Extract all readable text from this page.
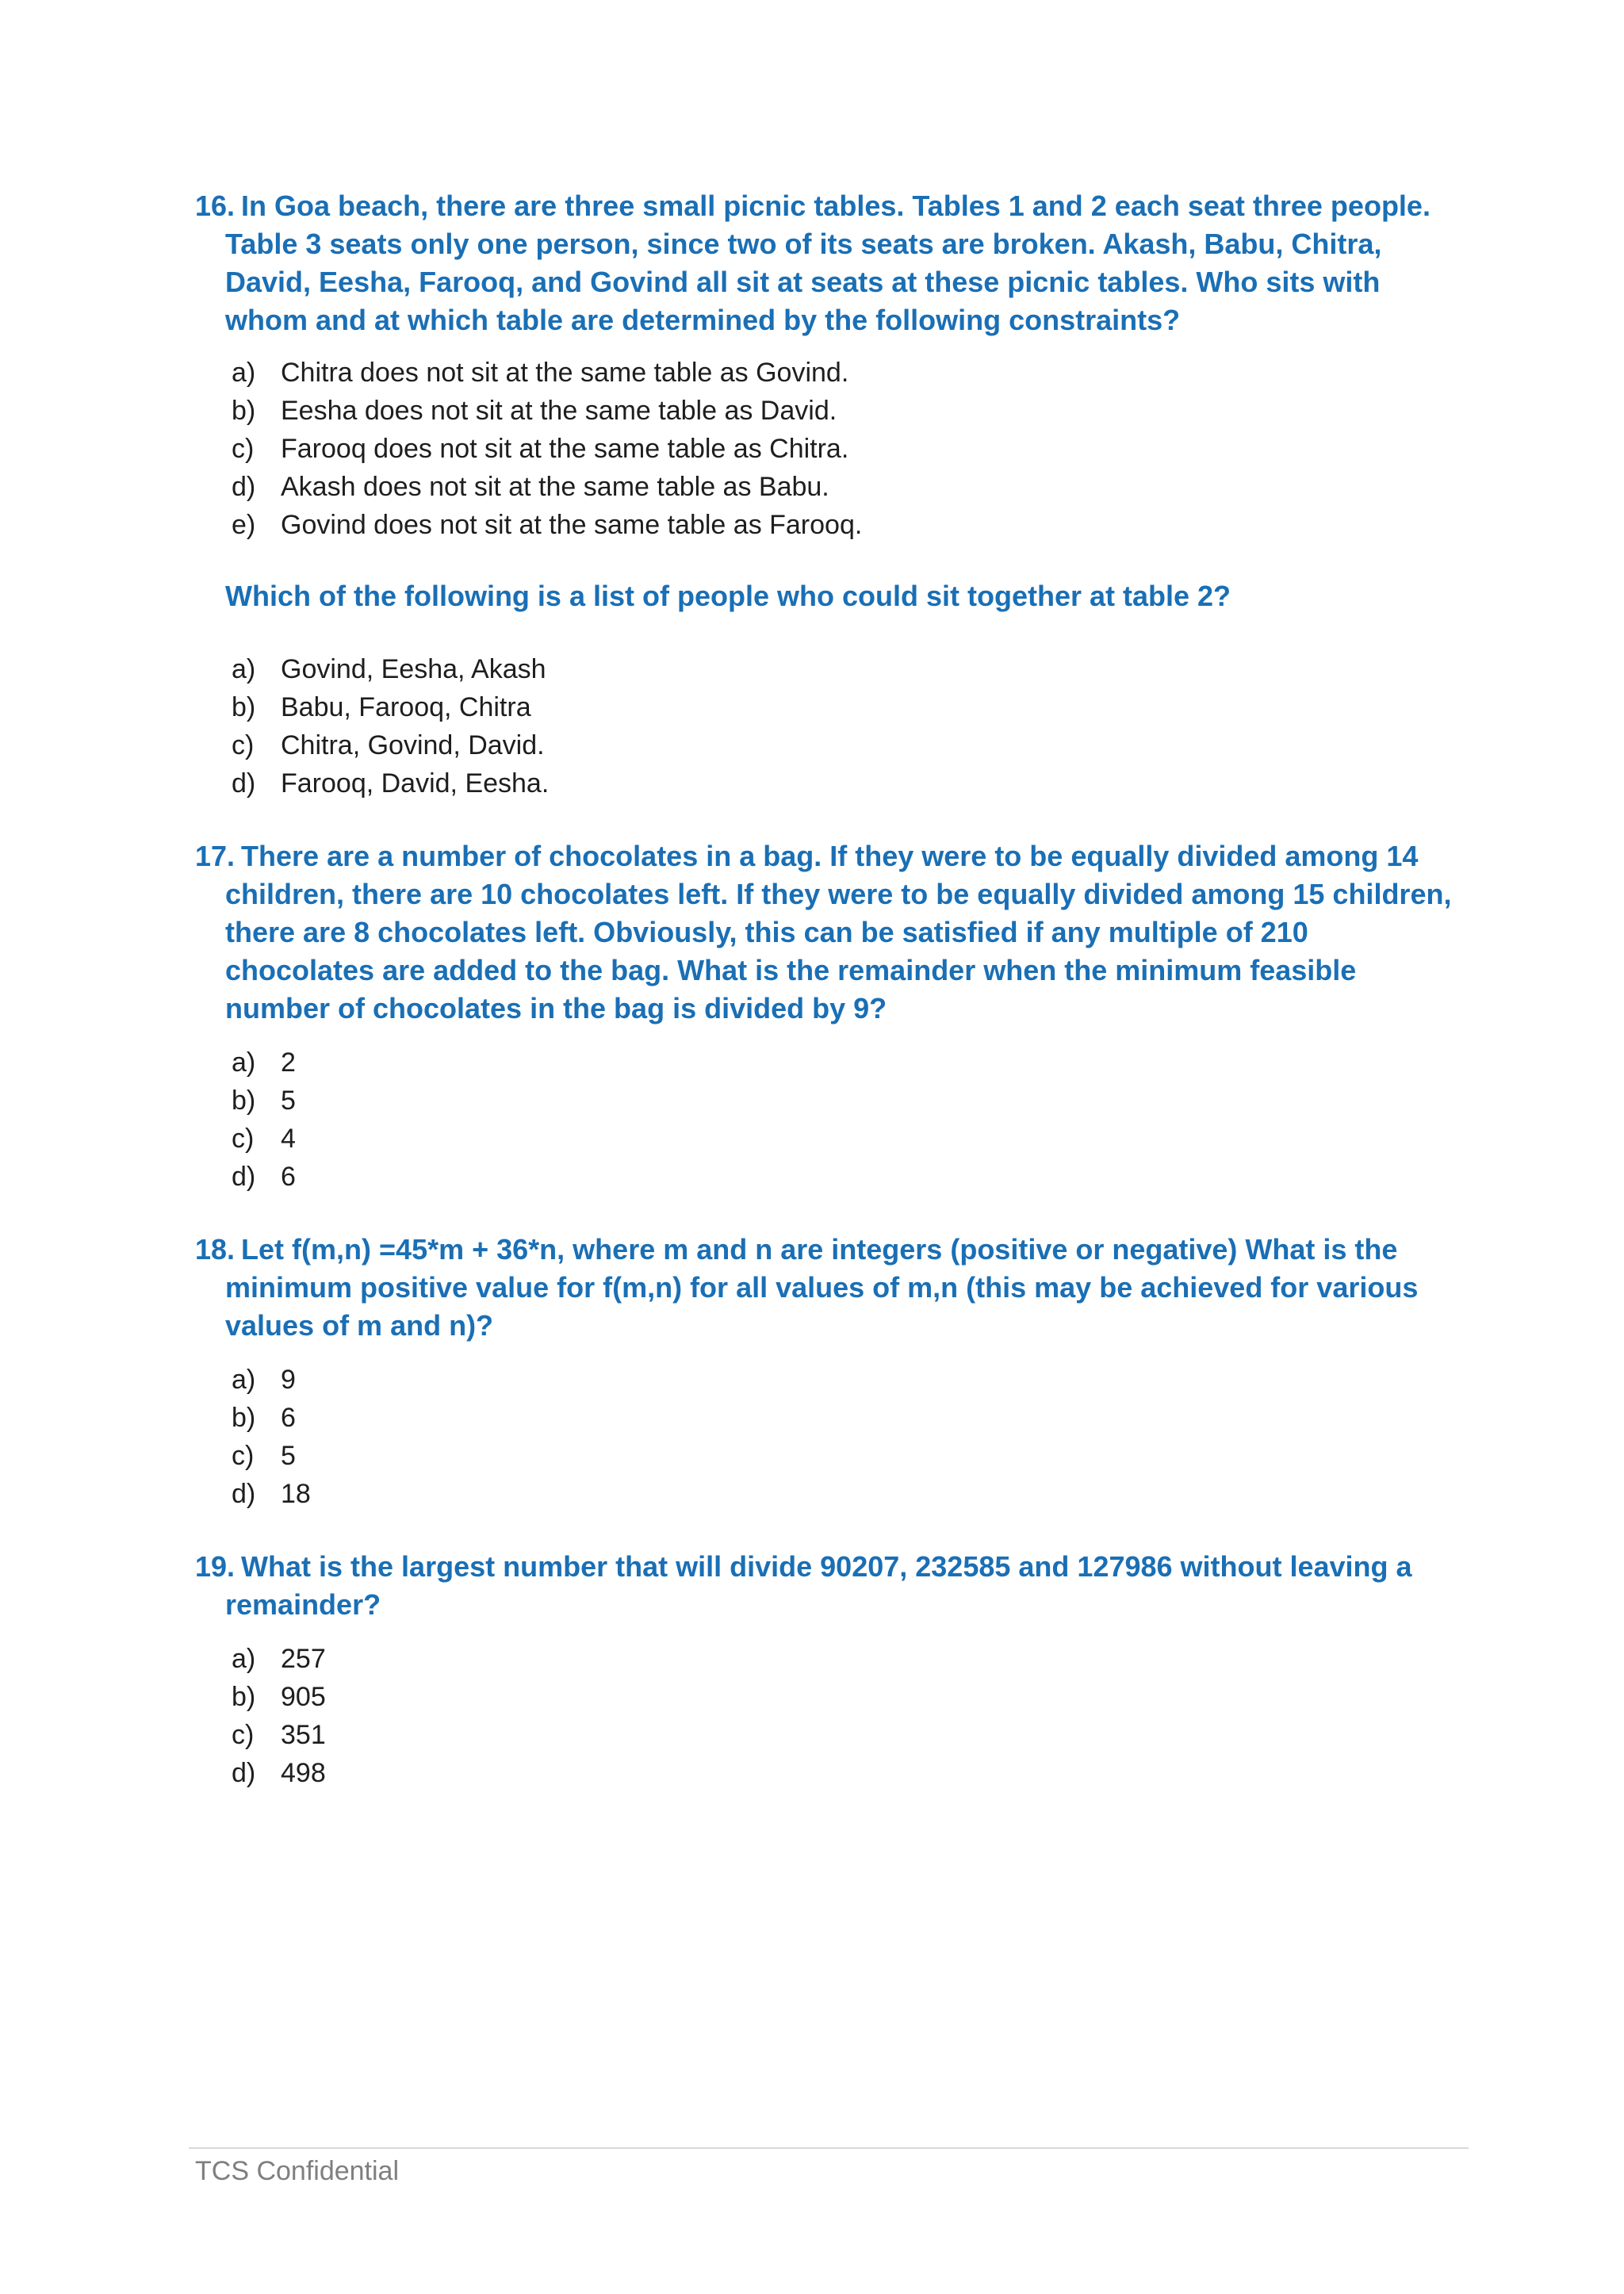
16. In Goa beach, there are three small picnic tables. Tables 1 and 2 each seat three people. Table 3 seats only one person, since two of its seats are broken. Akash, Babu, Chitra, David, Eesha, Farooq, and Govind all sit at seats at these picnic tables. Who sits with whom and at which table are determined by the following constraints?

a) Chitra does not sit at the same table as Govind.
b) Eesha does not sit at the same table as David.
c) Farooq does not sit at the same table as Chitra.
d) Akash does not sit at the same table as Babu.
e) Govind does not sit at the same table as Farooq.

Which of the following is a list of people who could sit together at table 2?

a) Govind, Eesha, Akash
b) Babu, Farooq, Chitra
c) Chitra, Govind, David.
d) Farooq, David, Eesha.

17. There are a number of chocolates in a bag. If they were to be equally divided among 14 children, there are 10 chocolates left. If they were to be equally divided among 15 children, there are 8 chocolates left. Obviously, this can be satisfied if any multiple of 210 chocolates are added to the bag. What is the remainder when the minimum feasible number of chocolates in the bag is divided by 9?

a) 2
b) 5
c) 4
d) 6

18. Let f(m,n) =45*m + 36*n, where m and n are integers (positive or negative) What is the minimum positive value for f(m,n) for all values of m,n (this may be achieved for various values of m and n)?

a) 9
b) 6
c) 5
d) 18

19. What is the largest number that will divide 90207, 232585 and 127986 without leaving a remainder?

a) 257
b) 905
c) 351
d) 498
TCS Confidential
